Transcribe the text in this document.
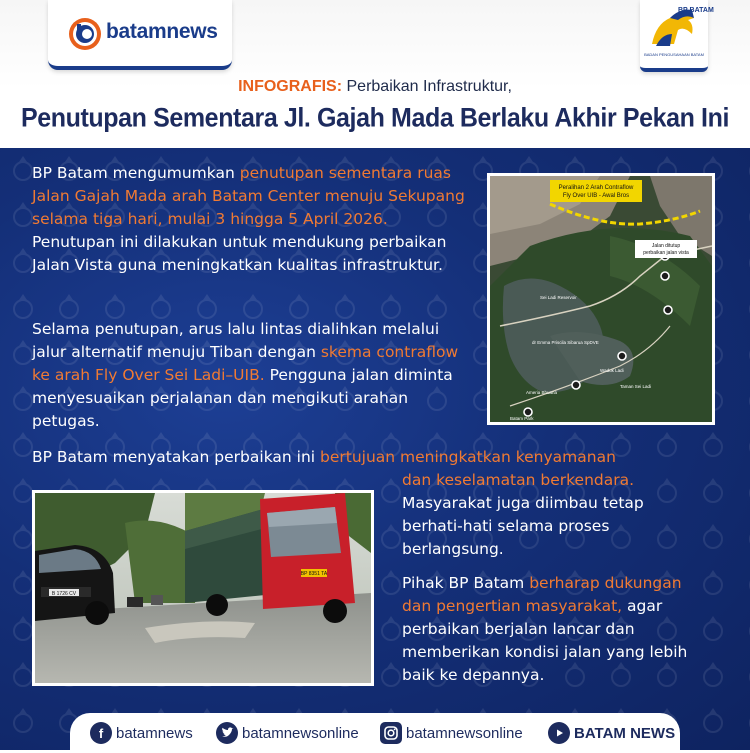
batamnews
BP BATAM
BADAN PENGUSAHAAN BATAM
INFOGRAFIS: Perbaikan Infrastruktur,
Penutupan Sementara Jl. Gajah Mada Berlaku Akhir Pekan Ini
BP Batam mengumumkan penutupan sementara ruas Jalan Gajah Mada arah Batam Center menuju Sekupang selama tiga hari, mulai 3 hingga 5 April 2026. Penutupan ini dilakukan untuk mendukung perbaikan Jalan Vista guna meningkatkan kualitas infrastruktur.
Selama penutupan, arus lalu lintas dialihkan melalui jalur alternatif menuju Tiban dengan skema contraflow ke arah Fly Over Sei Ladi–UIB. Pengguna jalan diminta menyesuaikan perjalanan dan mengikuti arahan petugas.
BP Batam menyatakan perbaikan ini bertujuan meningkatkan kenyamanan
dan keselamatan berkendara.
Masyarakat juga diimbau tetap berhati-hati selama proses berlangsung.
Pihak BP Batam berharap dukungan dan pengertian masyarakat, agar perbaikan berjalan lancar dan memberikan kondisi jalan yang lebih baik ke depannya.
Peralihan 2 Arah Contraflow
Fly Over UIB - Awal Bros
Jalan ditutup
perbaikan jalan vista
Sei Ladi Reservoir
Waduk Ladi
Taman Sei Ladi
Batam Park
Ameria Bhuana
dr Emma Priscila Sibarua SpDVE
B 1726 CV
BP 8351 TA
f batamnews	batamnewsonline	batamnewsonline	BATAM NEWS
